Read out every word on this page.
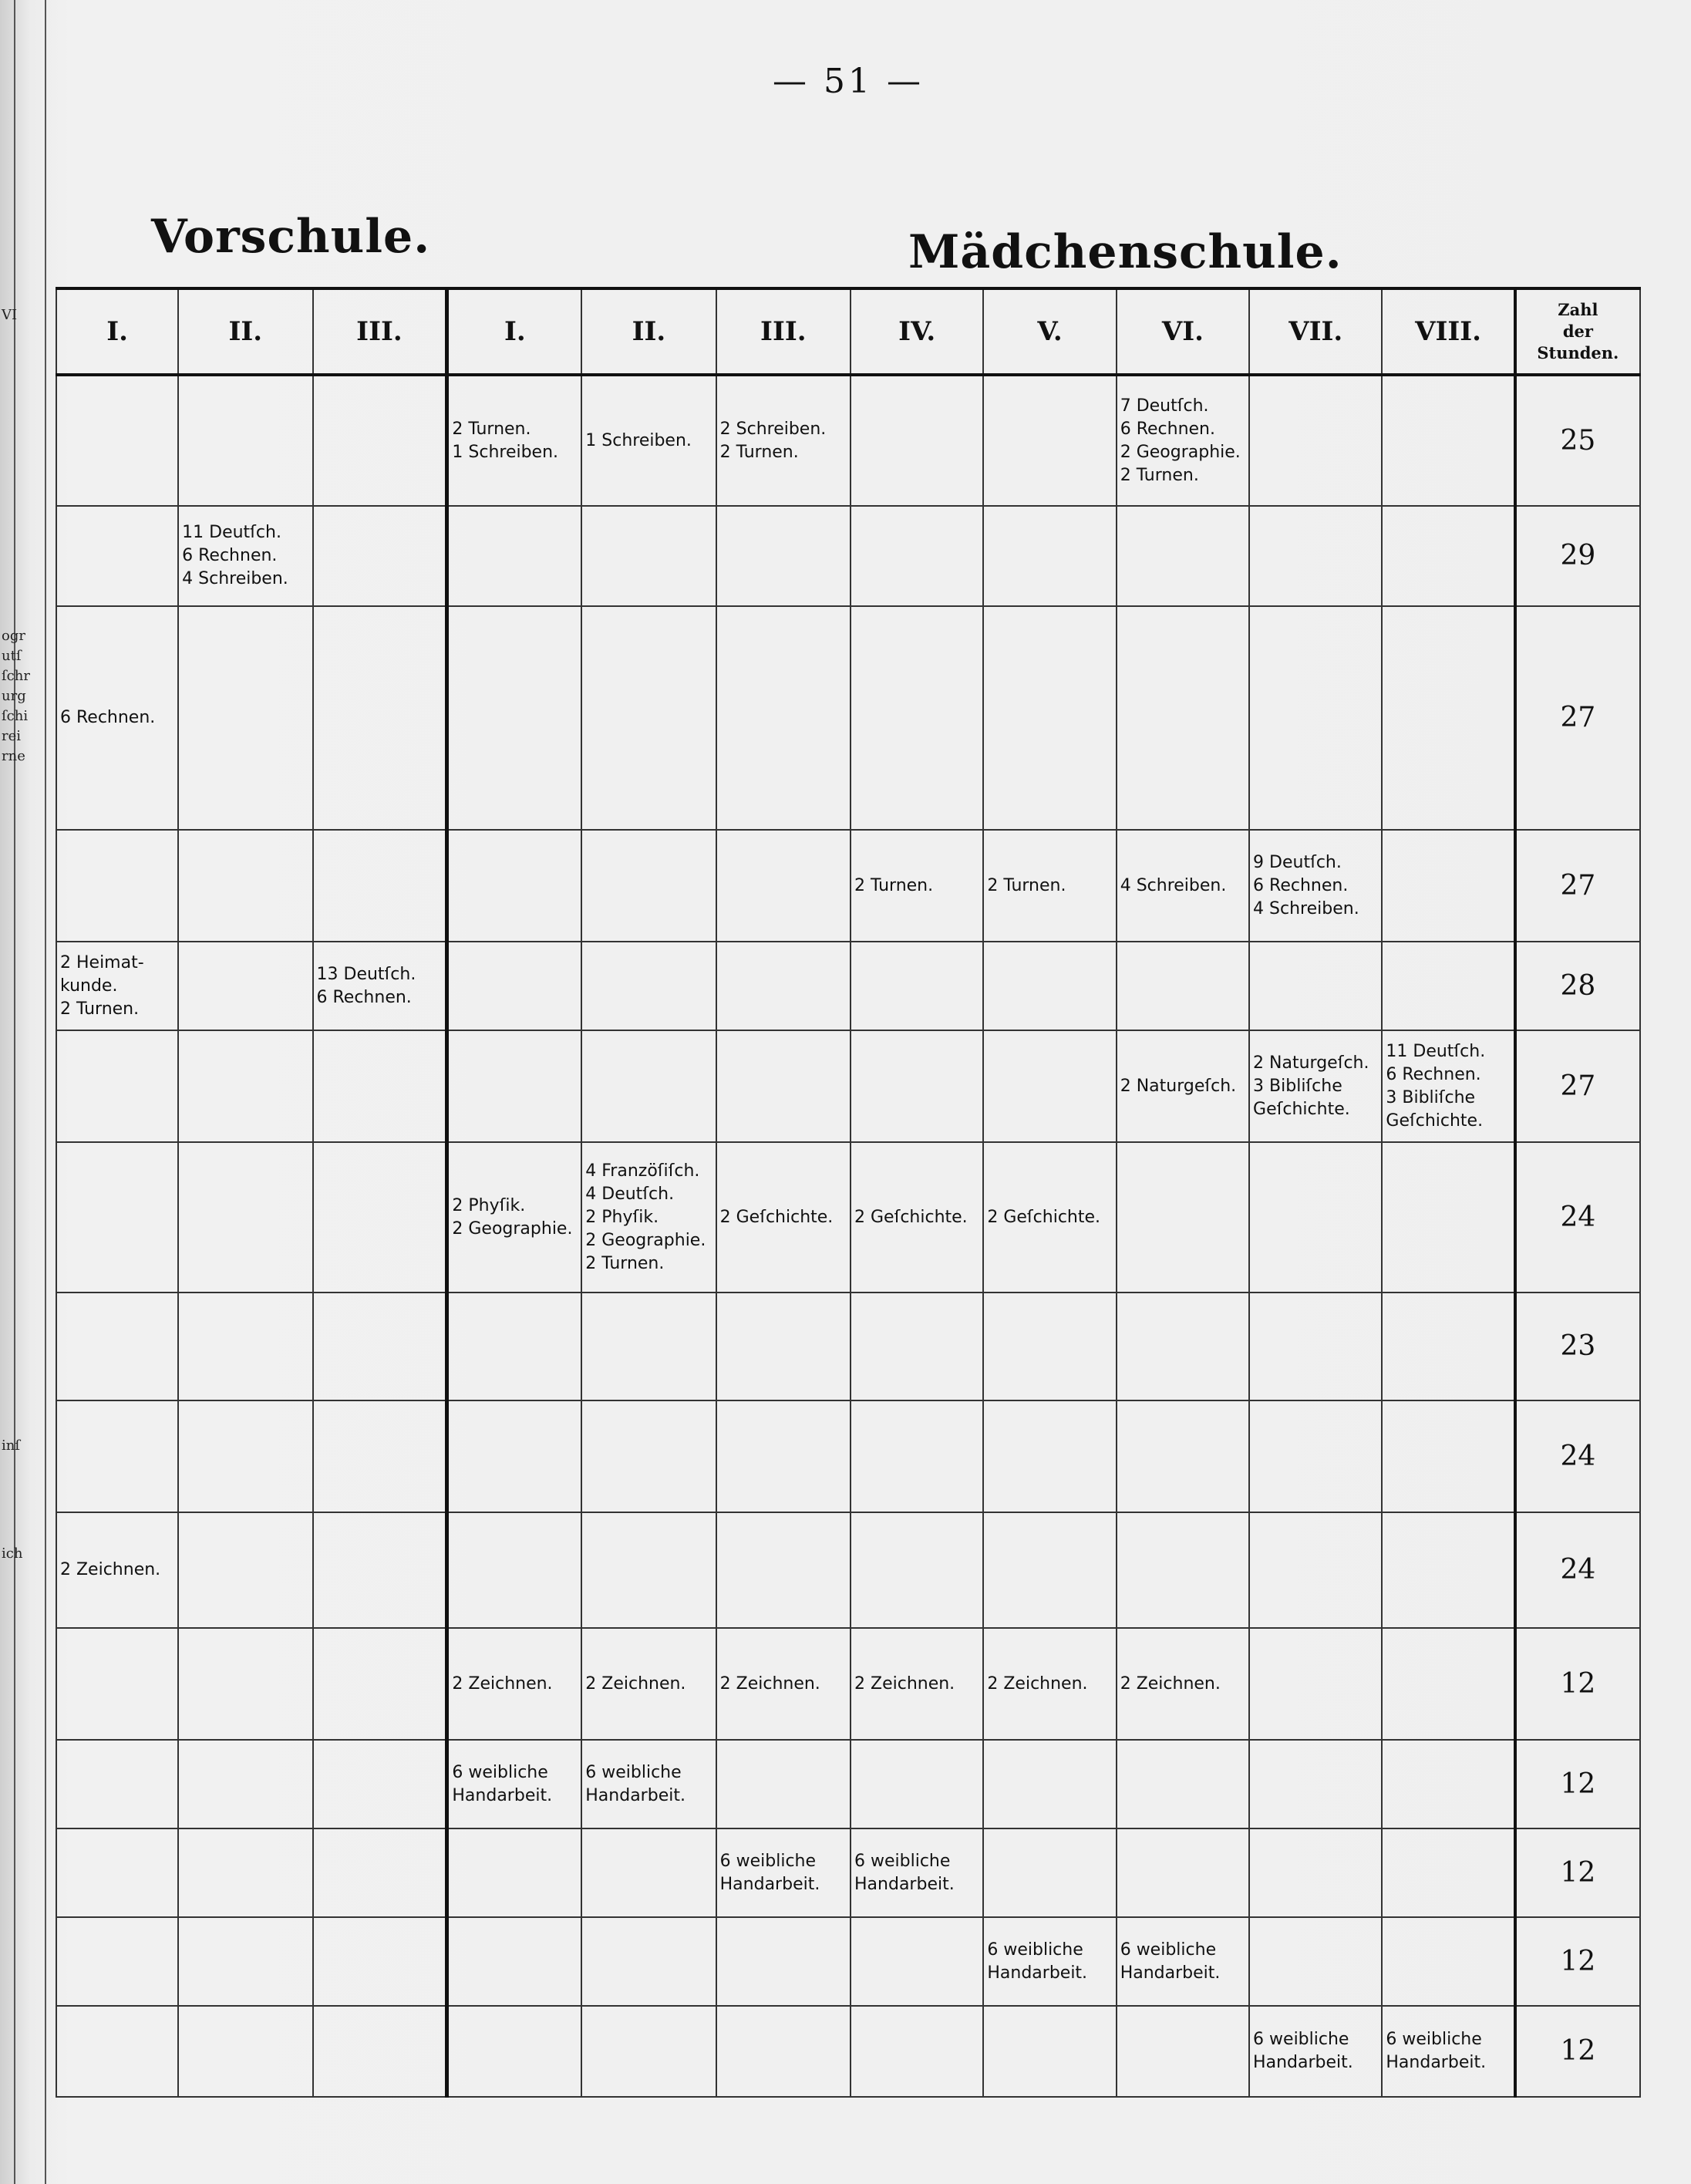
— 51 —
Vorschule.	Mädchenschule.
VI
ogr
utſ
ſchr
urg
ſchi
rei
rne
inſ
ich
I.	II.	III.	I.	II.	III.	IV.	V.	VI.	VII.	VIII.	Zahl
der
Stunden.
			2 Turnen.
1 Schreiben.	1 Schreiben.	2 Schreiben.
2 Turnen.			7 Deutſch.
6 Rechnen.
2 Geographie.
2 Turnen.			25
	11 Deutſch.
6 Rechnen.
4 Schreiben.										29
6 Rechnen.											27
						2 Turnen.	2 Turnen.	4 Schreiben.	9 Deutſch.
6 Rechnen.
4 Schreiben.		27
2 Heimat-
kunde.
2 Turnen.		13 Deutſch.
6 Rechnen.									28
								2 Naturgeſch.	2 Naturgeſch.
3 Bibliſche
Geſchichte.	11 Deutſch.
6 Rechnen.
3 Bibliſche
Geſchichte.	27
			2 Phyſik.
2 Geographie.	4 Franzöſiſch.
4 Deutſch.
2 Phyſik.
2 Geographie.
2 Turnen.	2 Geſchichte.	2 Geſchichte.	2 Geſchichte.				24
											23
											24
2 Zeichnen.											24
			2 Zeichnen.	2 Zeichnen.	2 Zeichnen.	2 Zeichnen.	2 Zeichnen.	2 Zeichnen.			12
			6 weibliche
Handarbeit.	6 weibliche
Handarbeit.							12
					6 weibliche
Handarbeit.	6 weibliche
Handarbeit.					12
							6 weibliche
Handarbeit.	6 weibliche
Handarbeit.			12
									6 weibliche
Handarbeit.	6 weibliche
Handarbeit.	12
